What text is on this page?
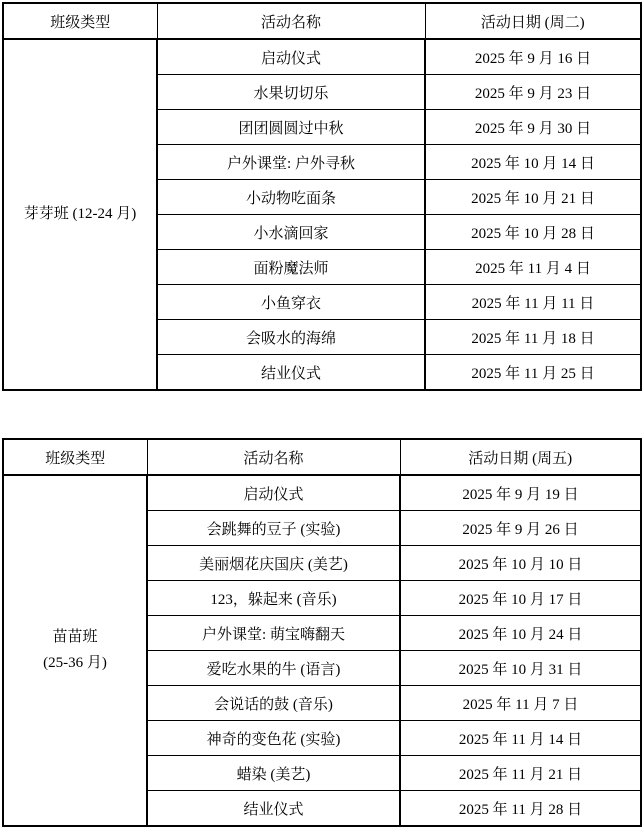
班级类型	活动名称	活动日期 (周二)

芽芽班 (12-24 月)	启动仪式	2025 年 9 月 16 日
	水果切切乐	2025 年 9 月 23 日
	团团圆圆过中秋	2025 年 9 月 30 日
	户外课堂: 户外寻秋	2025 年 10 月 14 日
	小动物吃面条	2025 年 10 月 21 日
	小水滴回家	2025 年 10 月 28 日
	面粉魔法师	2025 年 11 月 4 日
	小鱼穿衣	2025 年 11 月 11 日
	会吸水的海绵	2025 年 11 月 18 日
	结业仪式	2025 年 11 月 25 日
班级类型	活动名称	活动日期 (周五)

苗苗班
(25-36 月)	启动仪式	2025 年 9 月 19 日
	会跳舞的豆子 (实验)	2025 年 9 月 26 日
	美丽烟花庆国庆 (美艺)	2025 年 10 月 10 日
	123，躲起来 (音乐)	2025 年 10 月 17 日
	户外课堂: 萌宝嗨翻天	2025 年 10 月 24 日
	爱吃水果的牛 (语言)	2025 年 10 月 31 日
	会说话的鼓 (音乐)	2025 年 11 月 7 日
	神奇的变色花 (实验)	2025 年 11 月 14 日
	蜡染 (美艺)	2025 年 11 月 21 日
	结业仪式	2025 年 11 月 28 日
